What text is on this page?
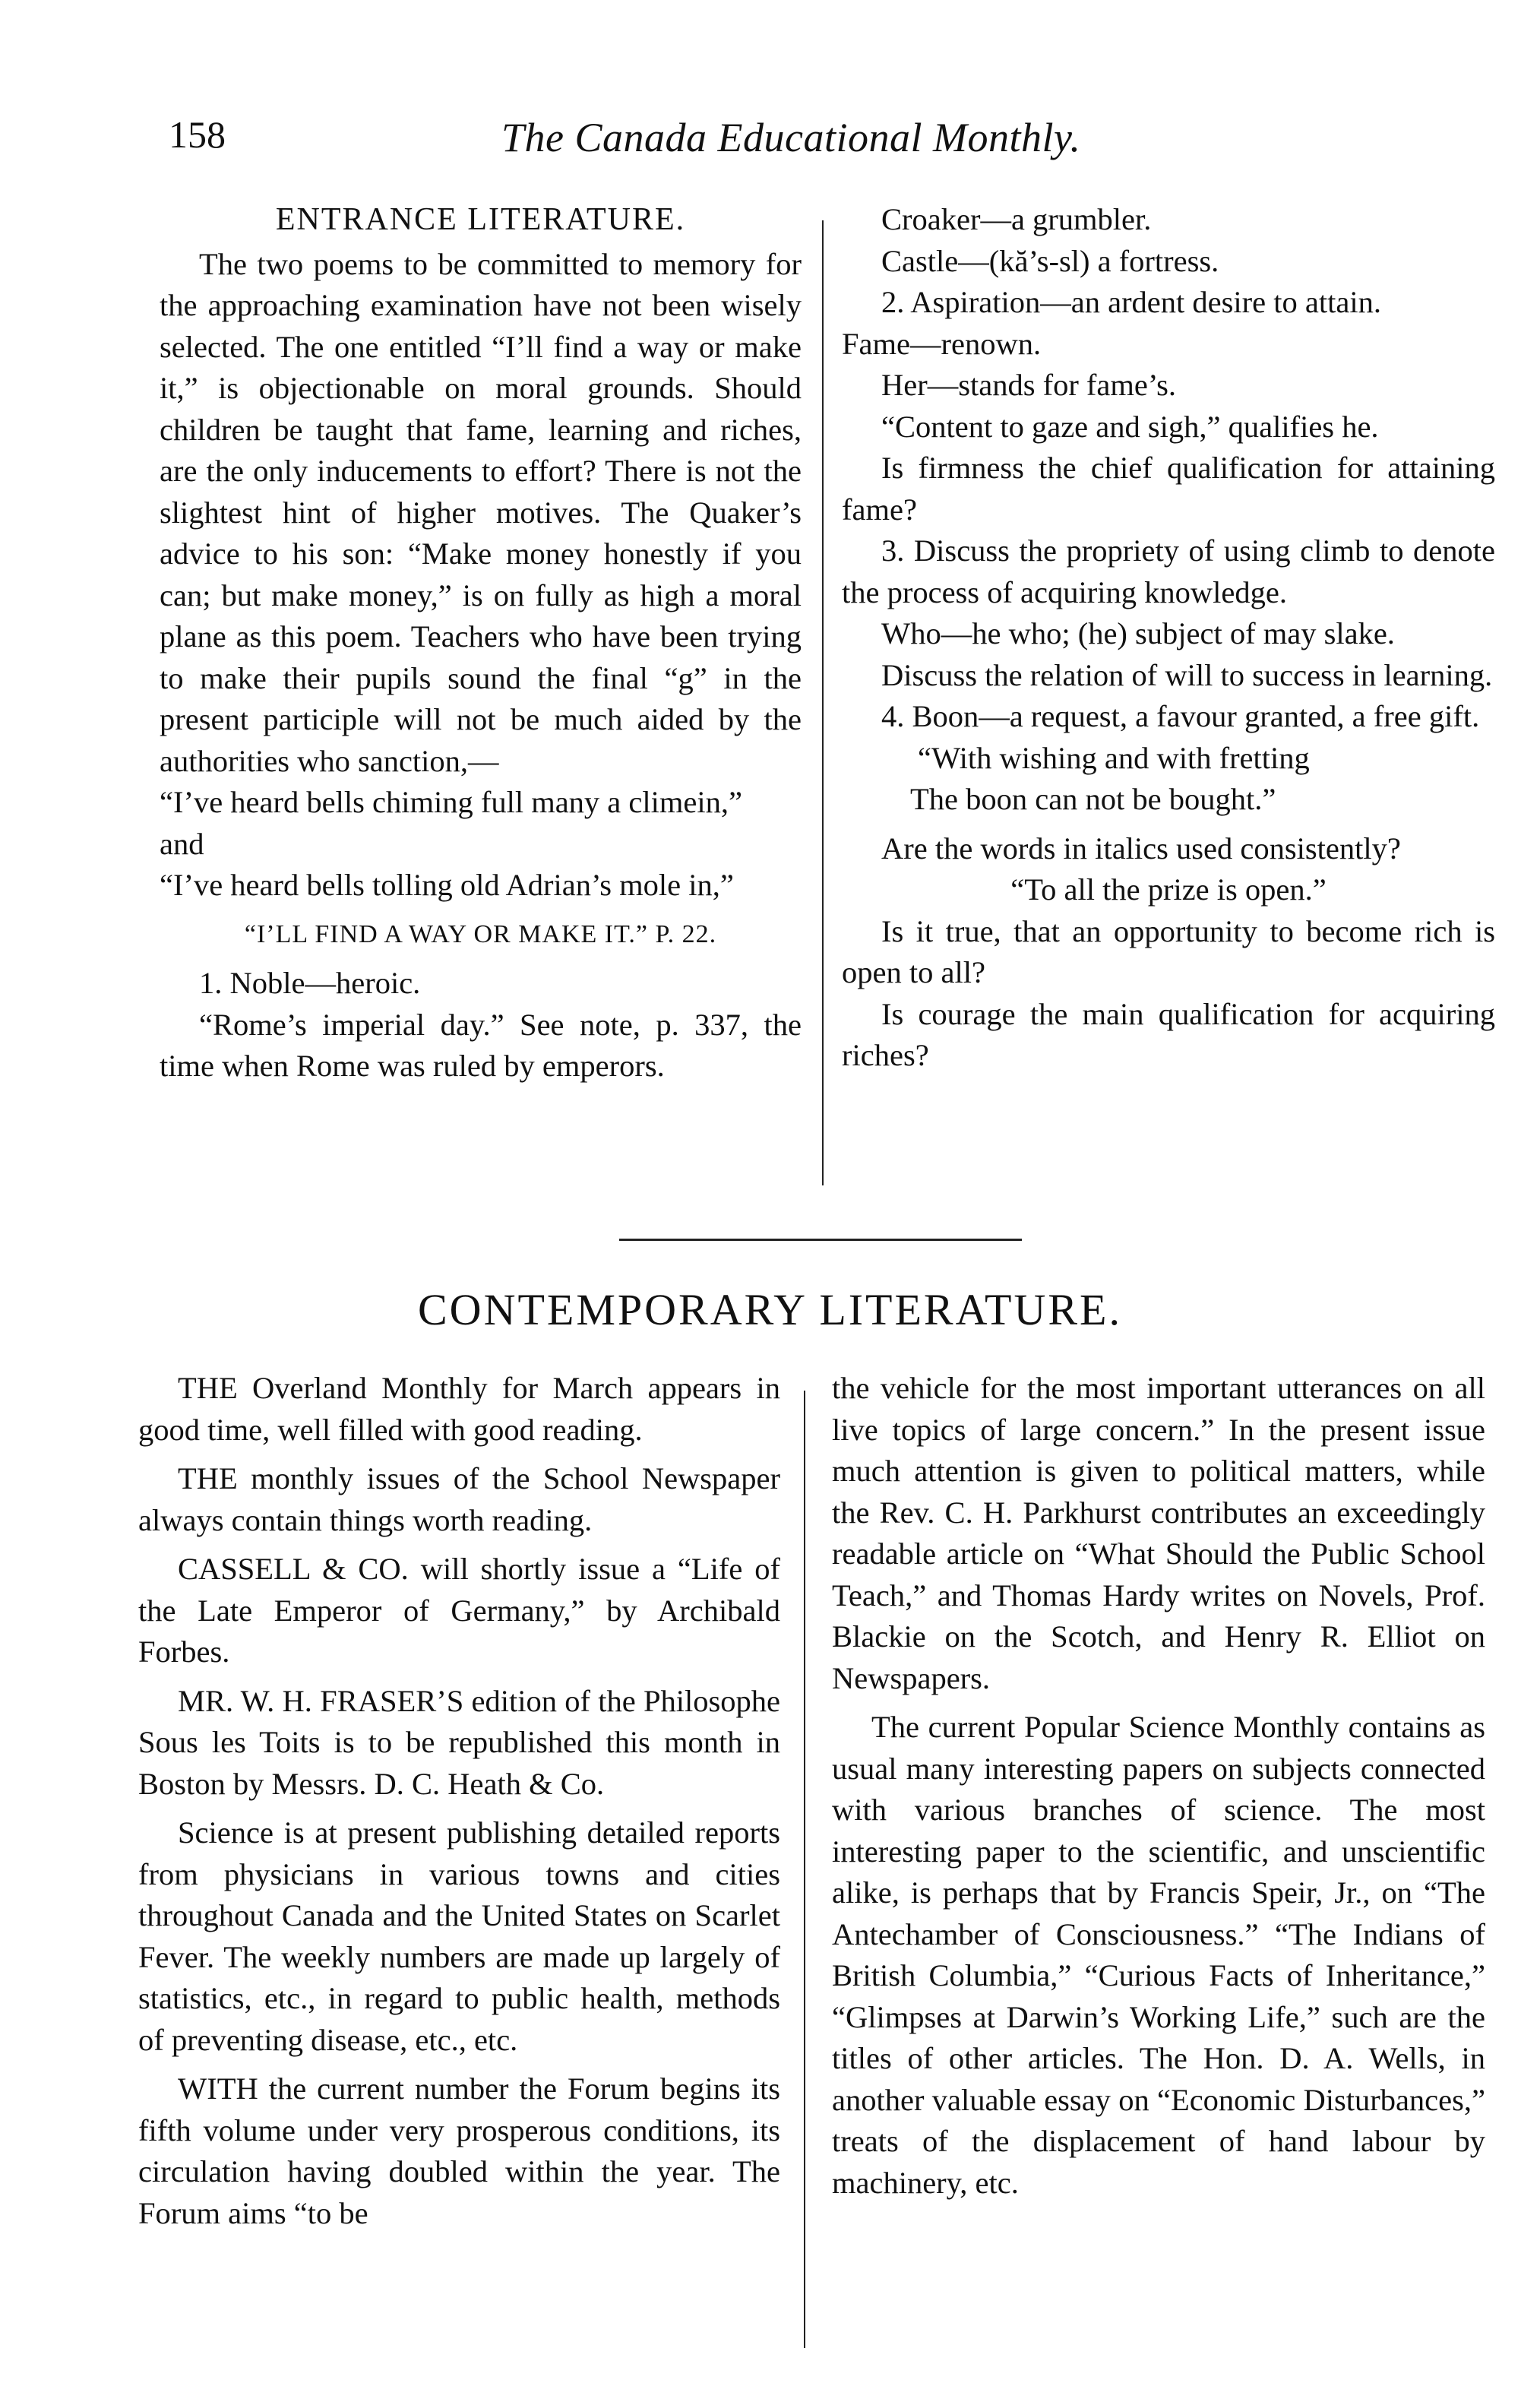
158	The Canada Educational Monthly.

ENTRANCE LITERATURE.

The two poems to be committed to memory for the approaching examination have not been wisely selected. The one entitled “I’ll find a way or make it,” is objectionable on moral grounds. Should children be taught that fame, learning and riches, are the only inducements to effort? There is not the slightest hint of higher motives. The Quaker’s advice to his son: “Make money honestly if you can; but make money,” is on fully as high a moral plane as this poem. Teachers who have been trying to make their pupils sound the final “g” in the present participle will not be much aided by the authorities who sanction,—

“I’ve heard bells chiming full many a climein,”

and

“I’ve heard bells tolling old Adrian’s mole in,”

“I’LL FIND A WAY OR MAKE IT.” P. 22.

1. Noble—heroic.

“Rome’s imperial day.” See note, p. 337, the time when Rome was ruled by emperors.

Croaker—a grumbler.

Castle—(kă’s-sl) a fortress.

2. Aspiration—an ardent desire to attain.

Fame—renown.

Her—stands for fame’s.

“Content to gaze and sigh,” qualifies he.

Is firmness the chief qualification for attaining fame?

3. Discuss the propriety of using climb to denote the process of acquiring knowledge.

Who—he who; (he) subject of may slake.

Discuss the relation of will to success in learning.

4. Boon—a request, a favour granted, a free gift.

“With wishing and with fretting

The boon can not be bought.”

Are the words in italics used consistently?

“To all the prize is open.”

Is it true, that an opportunity to become rich is open to all?

Is courage the main qualification for acquiring riches?

CONTEMPORARY LITERATURE.

THE Overland Monthly for March appears in good time, well filled with good reading.

THE monthly issues of the School Newspaper always contain things worth reading.

CASSELL & CO. will shortly issue a “Life of the Late Emperor of Germany,” by Archibald Forbes.

MR. W. H. FRASER’S edition of the Philosophe Sous les Toits is to be republished this month in Boston by Messrs. D. C. Heath & Co.

Science is at present publishing detailed reports from physicians in various towns and cities throughout Canada and the United States on Scarlet Fever. The weekly numbers are made up largely of statistics, etc., in regard to public health, methods of preventing disease, etc., etc.

WITH the current number the Forum begins its fifth volume under very prosperous conditions, its circulation having doubled within the year. The Forum aims “to be

the vehicle for the most important utterances on all live topics of large concern.” In the present issue much attention is given to political matters, while the Rev. C. H. Parkhurst contributes an exceedingly readable article on “What Should the Public School Teach,” and Thomas Hardy writes on Novels, Prof. Blackie on the Scotch, and Henry R. Elliot on Newspapers.

The current Popular Science Monthly contains as usual many interesting papers on subjects connected with various branches of science. The most interesting paper to the scientific, and unscientific alike, is perhaps that by Francis Speir, Jr., on “The Antechamber of Consciousness.” “The Indians of British Columbia,” “Curious Facts of Inheritance,” “Glimpses at Darwin’s Working Life,” such are the titles of other articles. The Hon. D. A. Wells, in another valuable essay on “Economic Disturbances,” treats of the displacement of hand labour by machinery, etc.
